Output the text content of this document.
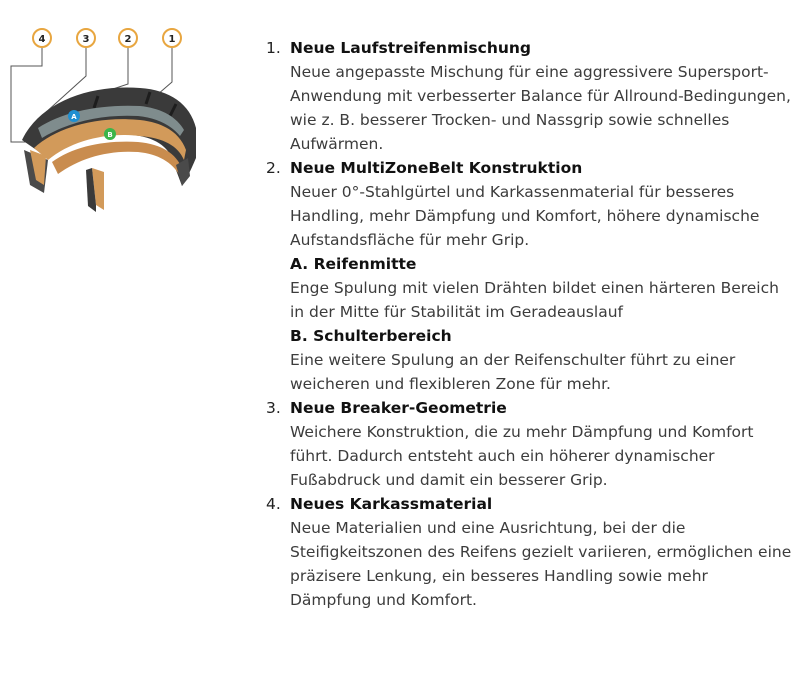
A
B
4	3	2	1	1. Neue Laufstreifenmischung

Neue angepasste Mischung für eine aggressivere Supersport-Anwendung mit verbesserter Balance für Allround-Bedingungen, wie z. B. besserer Trocken- und Nassgrip sowie schnelles Aufwärmen.

2. Neue MultiZoneBelt Konstruktion

Neuer 0°-Stahlgürtel und Karkassenmaterial für besseres Handling, mehr Dämpfung und Komfort, höhere dynamische Aufstandsfläche für mehr Grip.

A. Reifenmitte

Enge Spulung mit vielen Drähten bildet einen härteren Bereich in der Mitte für Stabilität im Geradeauslauf

B. Schulterbereich

Eine weitere Spulung an der Reifenschulter führt zu einer weicheren und flexibleren Zone für mehr.

3. Neue Breaker-Geometrie

Weichere Konstruktion, die zu mehr Dämpfung und Komfort führt. Dadurch entsteht auch ein höherer dynamischer Fußabdruck und damit ein besserer Grip.

4. Neues Karkassmaterial

Neue Materialien und eine Ausrichtung, bei der die Steifigkeitszonen des Reifens gezielt variieren, ermöglichen eine präzisere Lenkung, ein besseres Handling sowie mehr Dämpfung und Komfort.
